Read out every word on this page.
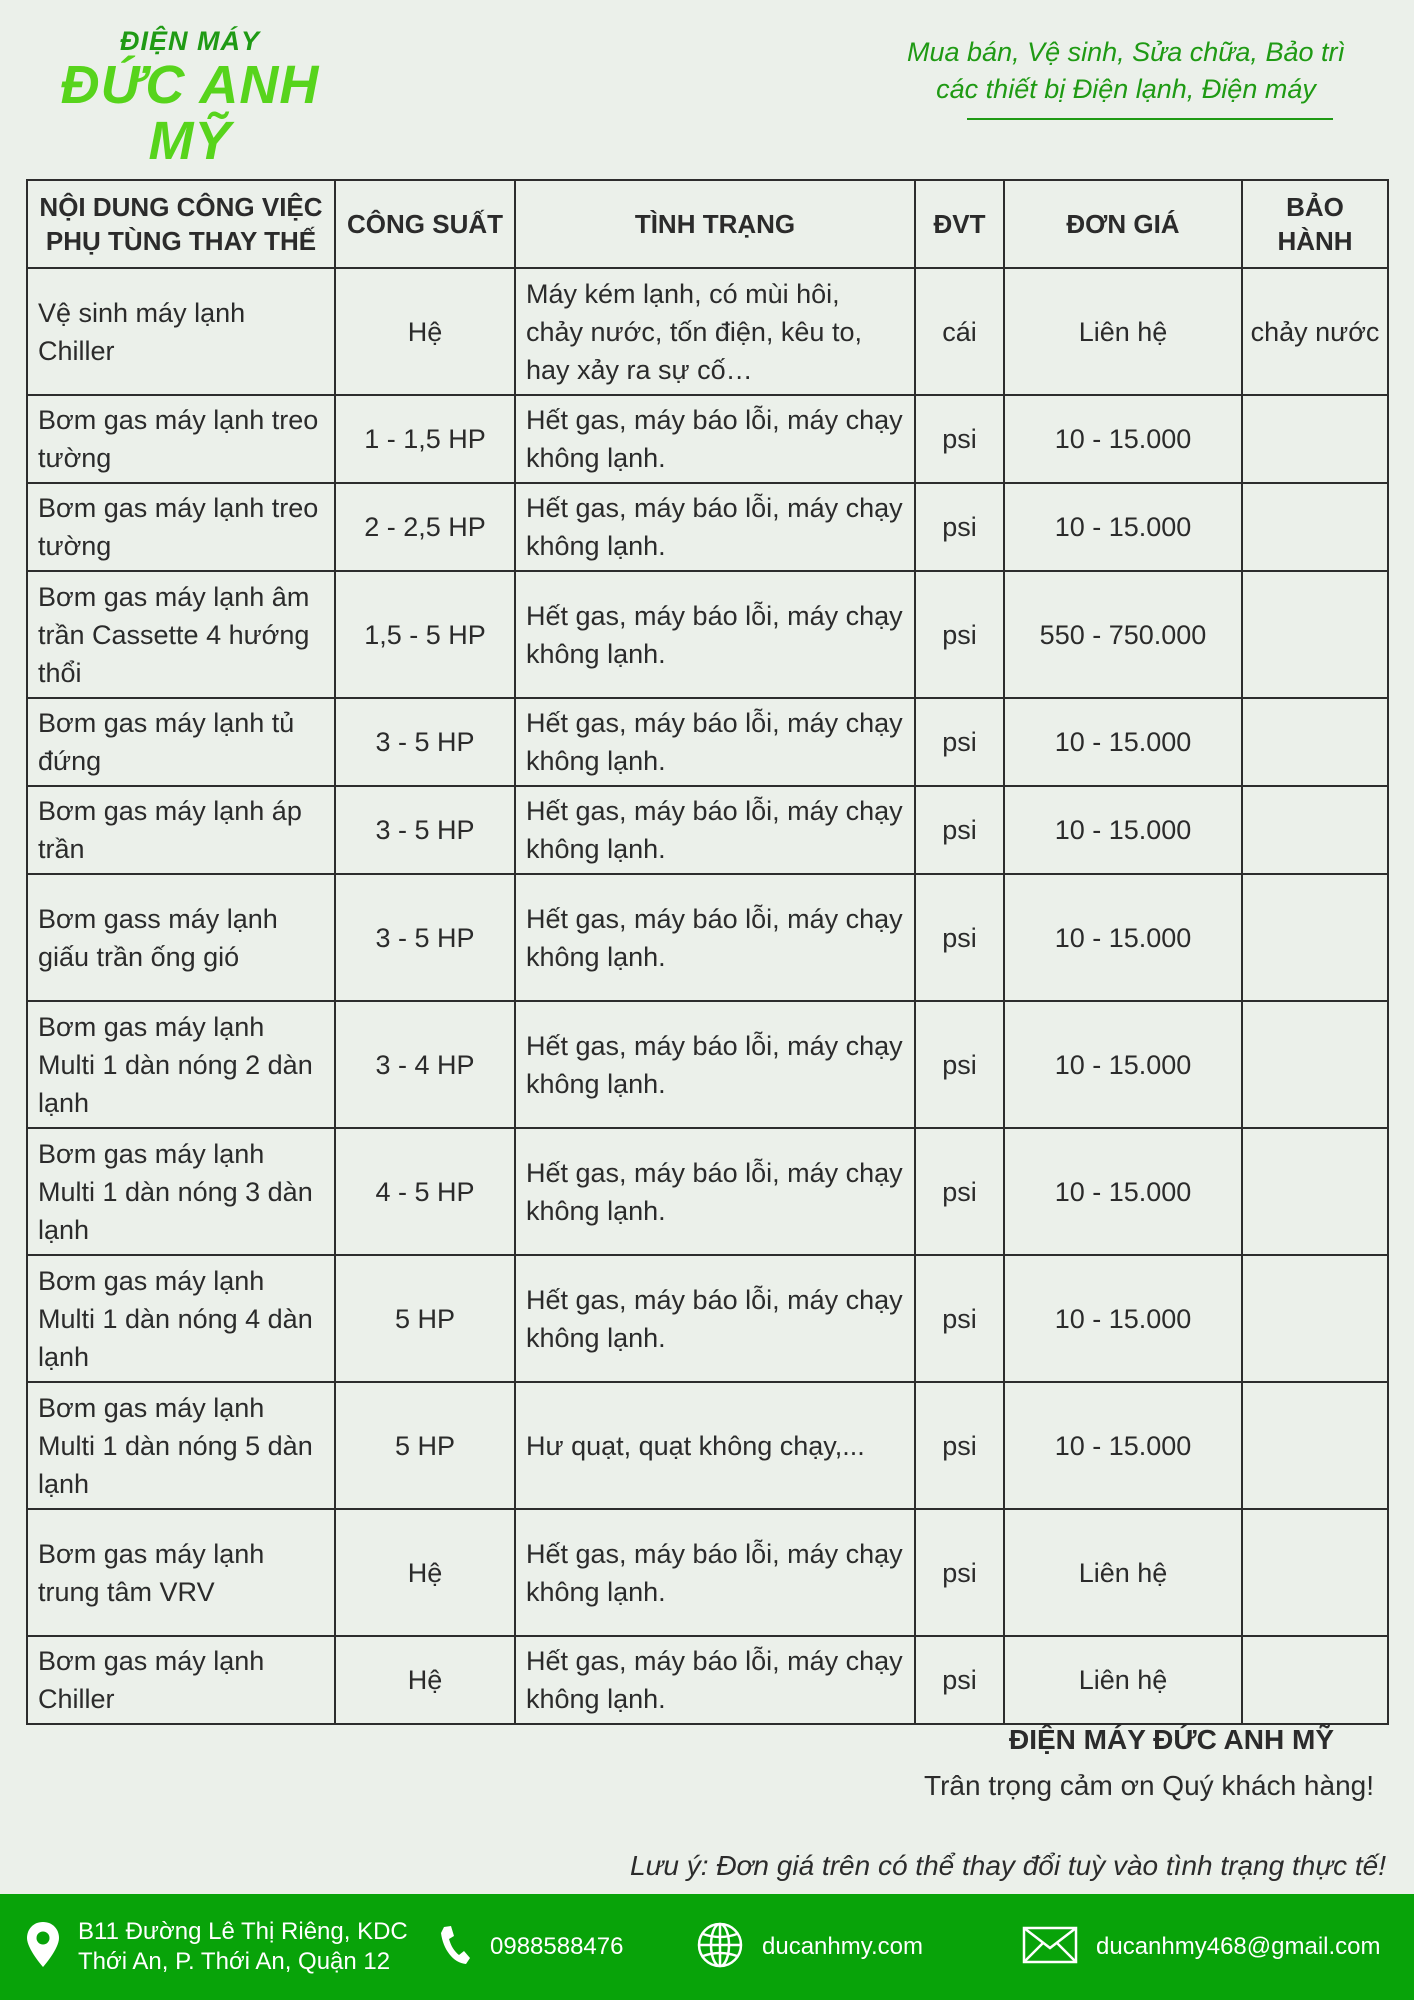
ĐIỆN MÁY
ĐỨC ANH MỸ
Mua bán, Vệ sinh, Sửa chữa, Bảo trì
các thiết bị Điện lạnh, Điện máy
NỘI DUNG CÔNG VIỆC
PHỤ TÙNG THAY THẾ	CÔNG SUẤT	TÌNH TRẠNG	ĐVT	ĐƠN GIÁ	BẢO HÀNH
Vệ sinh máy lạnh Chiller	Hệ	Máy kém lạnh, có mùi hôi, chảy nước, tốn điện, kêu to, hay xảy ra sự cố…	cái	Liên hệ	chảy nước
Bơm gas máy lạnh treo tường	1 - 1,5 HP	Hết gas, máy báo lỗi, máy chạy không lạnh.	psi	10 - 15.000	
Bơm gas máy lạnh treo tường	2 - 2,5 HP	Hết gas, máy báo lỗi, máy chạy không lạnh.	psi	10 - 15.000	
Bơm gas máy lạnh âm trần Cassette 4 hướng thổi	1,5 - 5 HP	Hết gas, máy báo lỗi, máy chạy không lạnh.	psi	550 - 750.000	
Bơm gas máy lạnh tủ đứng	3 - 5 HP	Hết gas, máy báo lỗi, máy chạy không lạnh.	psi	10 - 15.000	
Bơm gas máy lạnh áp trần	3 - 5 HP	Hết gas, máy báo lỗi, máy chạy không lạnh.	psi	10 - 15.000	
Bơm gass máy lạnh giấu trần ống gió	3 - 5 HP	Hết gas, máy báo lỗi, máy chạy không lạnh.	psi	10 - 15.000	
Bơm gas máy lạnh Multi 1 dàn nóng 2 dàn lạnh	3 - 4 HP	Hết gas, máy báo lỗi, máy chạy không lạnh.	psi	10 - 15.000	
Bơm gas máy lạnh Multi 1 dàn nóng 3 dàn lạnh	4 - 5 HP	Hết gas, máy báo lỗi, máy chạy không lạnh.	psi	10 - 15.000	
Bơm gas máy lạnh Multi 1 dàn nóng 4 dàn lạnh	5 HP	Hết gas, máy báo lỗi, máy chạy không lạnh.	psi	10 - 15.000	
Bơm gas máy lạnh Multi 1 dàn nóng 5 dàn lạnh	5 HP	Hư quạt, quạt không chạy,...	psi	10 - 15.000	
Bơm gas máy lạnh trung tâm VRV	Hệ	Hết gas, máy báo lỗi, máy chạy không lạnh.	psi	Liên hệ	
Bơm gas máy lạnh Chiller	Hệ	Hết gas, máy báo lỗi, máy chạy không lạnh.	psi	Liên hệ	
ĐIỆN MÁY ĐỨC ANH MỸ
Trân trọng cảm ơn Quý khách hàng!
Lưu ý: Đơn giá trên có thể thay đổi tuỳ vào tình trạng thực tế!
B11 Đường Lê Thị Riêng, KDC
Thới An, P. Thới An, Quận 12
0988588476	ducanhmy.com	ducanhmy468@gmail.com
